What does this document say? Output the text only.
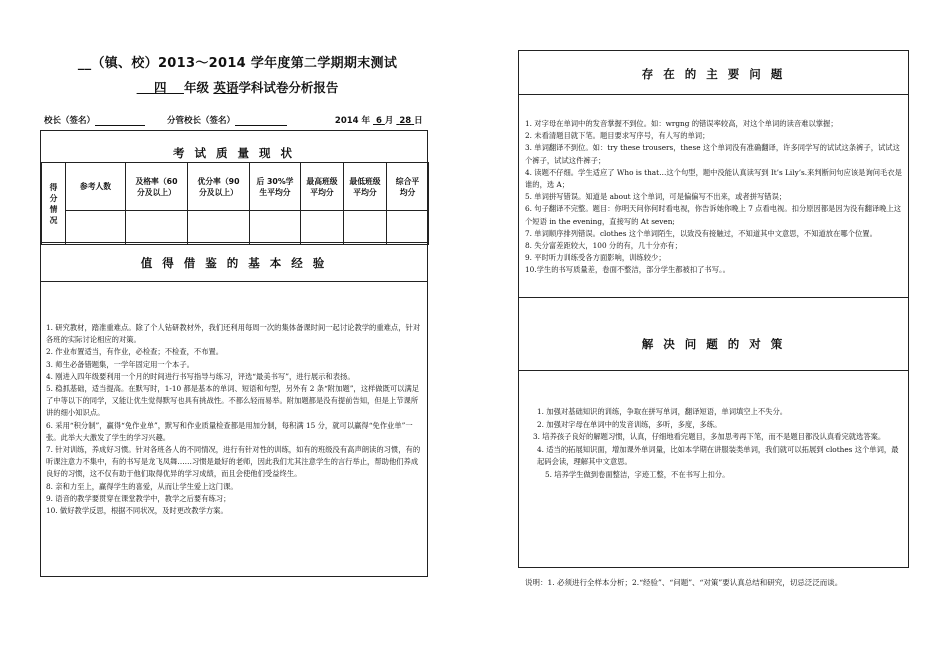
__（镇、校）2013～2014 学年度第二学期期末测试
四 年级 英语学科试卷分析报告
校长（签名）	分管校长（签名）	2014 年 6 月 28 日
考 试 质 量 现 状
得分情况	参考人数	及格率（60 分及以上）	优分率（90 分及以上）	后 30%学生平均分	最高班级平均分	最低班级平均分	综合平均分

值 得 借 鉴 的 基 本 经 验
1. 研究教材，踏准重难点。除了个人钻研教材外，我们还利用每周一次的集体备课时间一起讨论教学的重难点，针对各班的实际讨论相应的对策。
2. 作业布置适当，有作业，必检查；不检查，不布置。
3. 师生必备错题集，一学年固定用一个本子。
4. 刚进入四年级要利用一个月的时间进行书写指导与练习，评选“最美书写”，进行展示和表扬。
5. 稳抓基础，适当提高。在默写时，1-10 都是基本的单词、短语和句型，另外有 2 条“附加题”，这样做既可以满足了中等以下的同学，又能让优生觉得默写也具有挑战性。不都么轻而易举。附加题都是没有提前告知，但是上节课所讲的细小知识点。
6. 采用“积分制”，赢得“免作业单”，默写和作业质量检查都是用加分制，每积满 15 分，就可以赢得“免作业单”一张。此举大大激发了学生的学习兴趣。
7. 针对训练，养成好习惯。针对各班各人的不同情况，进行有针对性的训练，如有的班级没有高声朗读的习惯，有的听课注意力不集中，有的书写是龙飞凤舞……习惯是最好的老师，因此我们尤其注意学生的言行举止，帮助他们养成良好的习惯，这不仅有助于他们取得优异的学习成绩，而且会使他们受益终生。
8. 亲和力至上，赢得学生的喜爱，从而让学生爱上这门课。
9. 语音的教学要贯穿在课堂教学中，教学之后要有练习；
10. 做好教学反思，根据不同状况，及时更改教学方案。
存 在 的 主 要 问 题
1. 对字母在单词中的发音掌握不到位。如：wrgng 的错误率较高，对这个单词的读音难以掌握；
2. 未看清题目就下笔。题目要求写序号，有人写的单词；
3. 单词翻译不到位。如：try these trousers，these 这个单词没有准确翻译，许多同学写的试试这条裤子，试试这个裤子，试试这件裤子；
4. 读题不仔细。学生适应了 Who is that…这个句型，题中没能认真读写到 It’s Lily’s.来判断问句应该是询问毛衣是谁的，选 A；
5. 单词拼写错误。知道是 about 这个单词，可是偏偏写不出来，或者拼写错误；
6. 句子翻译不完整。题目：你明天问你何时看电视，你告诉她你晚上 7 点看电视。扣分原因都是因为没有翻译晚上这个短语 in the evening，直接写的 At seven;
7. 单词顺序排列错误。clothes 这个单词陌生，以致没有接触过，不知道其中文意思，不知道放在哪个位置。
8. 失分富差距较大，100 分的有，几十分亦有；
9. 平时听力训练受各方面影响，训练较少；
10.学生的书写质量差，卷面不整洁，部分学生都被扣了书写。。
解 决 问 题 的 对 策
1. 加强对基础知识的训练，争取在拼写单词，翻译短语，单词填空上不失分。
2. 加强对字母在单词中的发音训练，多听，多度，多练。
3. 培养孩子良好的解题习惯，认真，仔细地看完题目，多加思考再下笔，而不是题目都没认真看完就选答案。
4. 适当的拓展知识面，增加课外单词量，比如本学期在讲服装类单词，我们就可以拓展到 clothes 这个单词，最起码会读，理解其中文意思。
5. 培养学生做到卷面整洁，字迹工整，不在书写上扣分。
说明：1. 必须进行全样本分析；2.“经验”、“问题”、“对策”要认真总结和研究，切忌泛泛而谈。
